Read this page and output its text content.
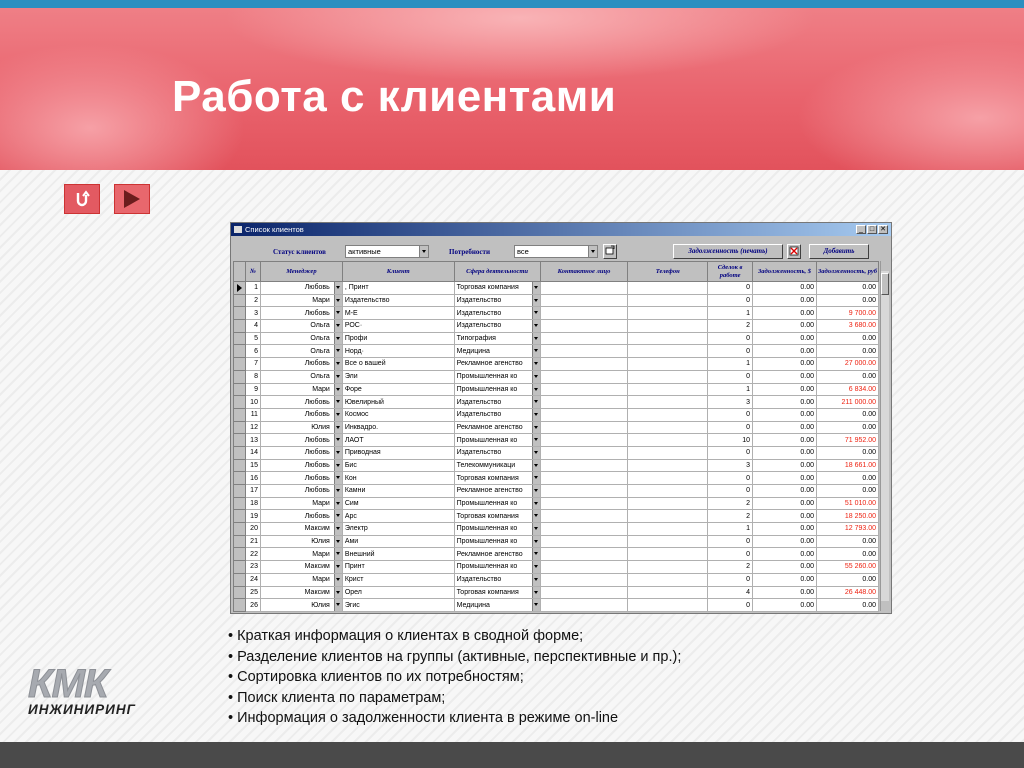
Работа с клиентами
Список клиентов	_ □ ✕
Статус клиентов	активные	Потребности	все	Задолженность (печать)	Добавить
	№	Менеджер	Клиент	Сфера деятельности	Контактное лицо	Телефон	Сделок в работе	Задолженность, $	Задолженность, руб

	1	Любовь	, Принт	Торговая компания			0	0.00	0.00
	2	Мари	Издательство	Издательство			0	0.00	0.00
	3	Любовь	М-Е	Издательство			1	0.00	9 700.00
	4	Ольга	РОС·	Издательство			2	0.00	3 680.00
	5	Ольга	Профи	Типография			0	0.00	0.00
	6	Ольга	Норд·	Медицина			0	0.00	0.00
	7	Любовь	Все о вашей	Рекламное агенство			1	0.00	27 000.00
	8	Ольга	Эли	Промышленная ко			0	0.00	0.00
	9	Мари	Форе	Промышленная ко			1	0.00	6 834.00
	10	Любовь	Ювелирный	Издательство			3	0.00	211 000.00
	11	Любовь	Космос	Издательство			0	0.00	0.00
	12	Юлия	Инквадро.	Рекламное агенство			0	0.00	0.00
	13	Любовь	ЛАОТ	Промышленная ко			10	0.00	71 952.00
	14	Любовь	Приводная	Издательство			0	0.00	0.00
	15	Любовь	Бис	Телекоммуникаци			3	0.00	18 661.00
	16	Любовь	Кон	Торговая компания			0	0.00	0.00
	17	Любовь	Камни	Рекламное агенство			0	0.00	0.00
	18	Мари	Сим	Промышленная ко			2	0.00	51 010.00
	19	Любовь	Арс	Торговая компания			2	0.00	18 250.00
	20	Максим	Электр	Промышленная ко			1	0.00	12 793.00
	21	Юлия	Ами	Промышленная ко			0	0.00	0.00
	22	Мари	Внешний	Рекламное агенство			0	0.00	0.00
	23	Максим	Принт	Промышленная ко			2	0.00	55 260.00
	24	Мари	Крист	Издательство			0	0.00	0.00
	25	Максим	Орел	Торговая компания			4	0.00	26 448.00
	26	Юлия	Эгис	Медицина			0	0.00	0.00
• Краткая информация о клиентах в сводной форме;
• Разделение клиентов на группы (активные, перспективные и пр.);
• Сортировка клиентов по их потребностям;
• Поиск клиента по параметрам;
• Информация о задолженности клиента в режиме on-line
КМК
ИНЖИНИРИНГ
